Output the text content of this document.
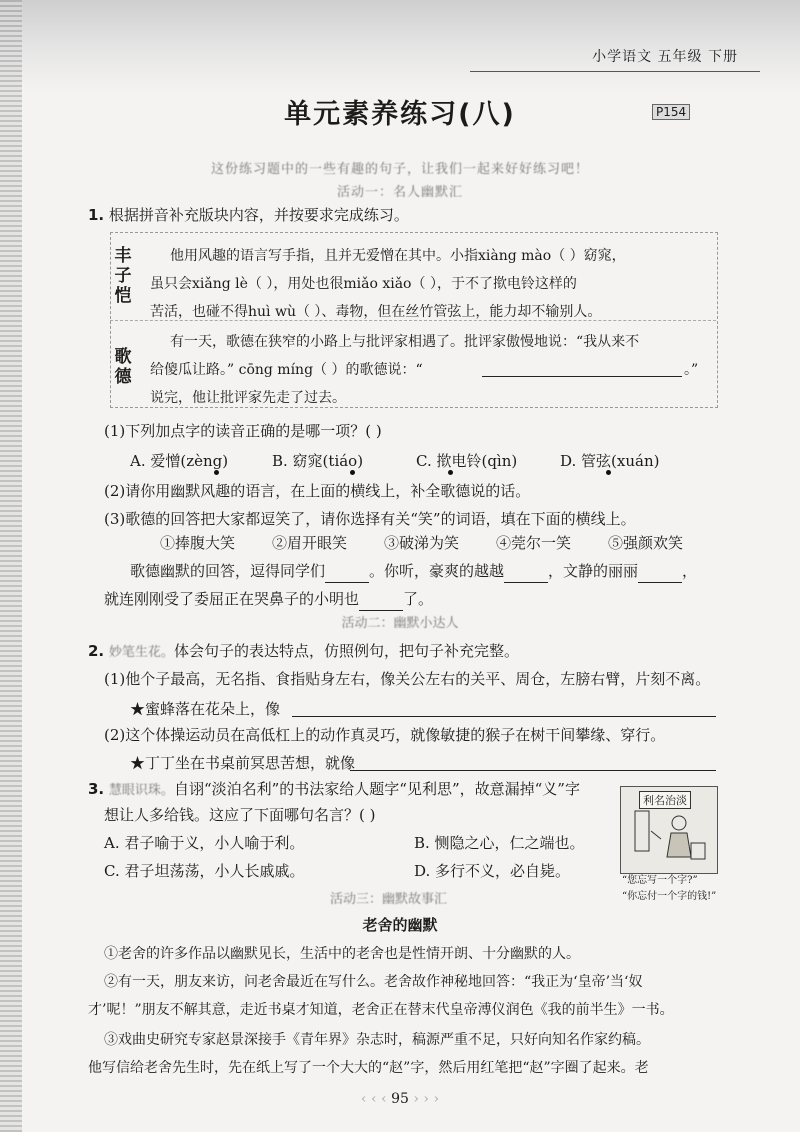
小学语文 五年级 下册
单元素养练习(八)	P154
这份练习题中的一些有趣的句子，让我们一起来好好练习吧！
活动一：名人幽默汇
1. 根据拼音补充版块内容，并按要求完成练习。
丰
子
恺
他用风趣的语言写手指，且并无爱憎在其中。小指xiàng mào（ ）窈窕，
虽只会xiǎng lè（ ），用处也很miǎo xiǎo（ ），于不了揿电铃这样的
苦活，也碰不得huì wù（ ）、毒物，但在丝竹管弦上，能力却不输别人。
歌
德
有一天，歌德在狭窄的小路上与批评家相遇了。批评家傲慢地说：“我从来不
给傻瓜让路。” cōng míng（ ）的歌德说：“	。”
说完，他让批评家先走了过去。
(1)下列加点字的读音正确的是哪一项？( )
A. 爱憎(zèng)	B. 窈窕(tiáo)	C. 揿电铃(qìn)	D. 管弦(xuán)
(2)请你用幽默风趣的语言，在上面的横线上，补全歌德说的话。
(3)歌德的回答把大家都逗笑了，请你选择有关“笑”的词语，填在下面的横线上。
①捧腹大笑 ②眉开眼笑 ③破涕为笑 ④莞尔一笑 ⑤强颜欢笑
歌德幽默的回答，逗得同学们	。你听，豪爽的越越	，文静的丽丽	，
就连刚刚受了委屈正在哭鼻子的小明也	了。
活动二：幽默小达人
2. 妙笔生花。体会句子的表达特点，仿照例句，把句子补充完整。
(1)他个子最高，无名指、食指贴身左右，像关公左右的关平、周仓，左膀右臂，片刻不离。
★蜜蜂落在花朵上，像
(2)这个体操运动员在高低杠上的动作真灵巧，就像敏捷的猴子在树干间攀缘、穿行。
★丁丁坐在书桌前冥思苦想，就像
3. 慧眼识珠。自诩“淡泊名利”的书法家给人题字“见利思”，故意漏掉“义”字
想让人多给钱。这应了下面哪句名言？( )
A. 君子喻于义，小人喻于利。	B. 恻隐之心，仁之端也。
C. 君子坦荡荡，小人长戚戚。	D. 多行不义，必自毙。
利名治淡
“您忘写一个字?”
“你忘付一个字的钱!”
活动三：幽默故事汇
老舍的幽默
①老舍的许多作品以幽默见长，生活中的老舍也是性情开朗、十分幽默的人。
②有一天，朋友来访，问老舍最近在写什么。老舍故作神秘地回答：“我正为‘皇帝’当‘奴
才’呢！”朋友不解其意，走近书桌才知道，老舍正在替末代皇帝溥仪润色《我的前半生》一书。
③戏曲史研究专家赵景深接手《青年界》杂志时，稿源严重不足，只好向知名作家约稿。
他写信给老舍先生时，先在纸上写了一个大大的“赵”字，然后用红笔把“赵”字圈了起来。老
‹ ‹ ‹ 95 › › ›
